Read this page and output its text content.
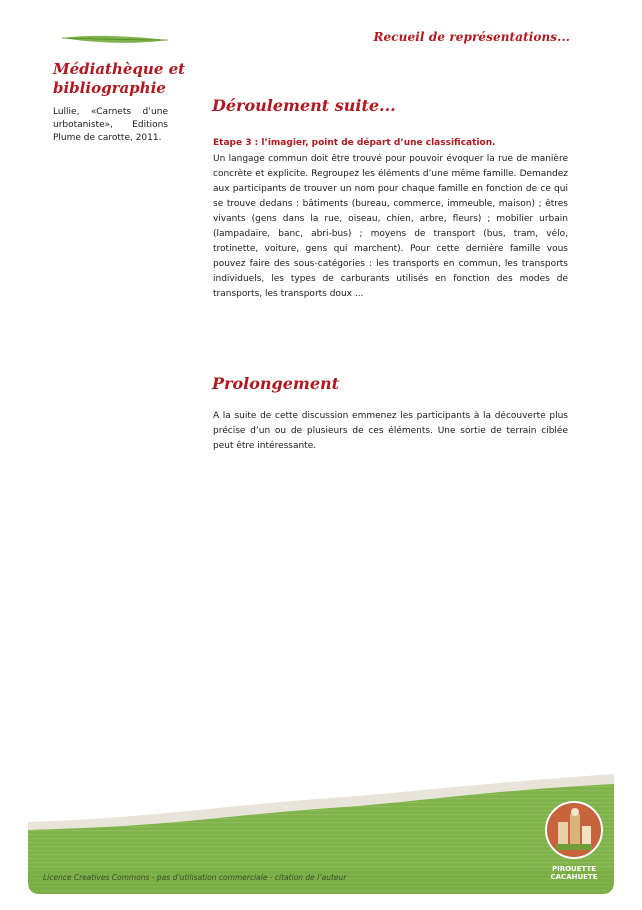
Recueil de représentations...
Médiathèque et bibliographie
Lullie, «Carnets d’une urbotaniste», Editions Plume de carotte, 2011.
Déroulement suite...
Etape 3 : l’imagier, point de départ d’une classification.
Un langage commun doit être trouvé pour pouvoir évoquer la rue de manière concrète et explicite. Regroupez les éléments d’une même famille. Demandez aux participants de trouver un nom pour chaque famille en fonction de ce qui se trouve dedans : bâtiments (bureau, commerce, immeuble, maison) ; êtres vivants (gens dans la rue, oiseau, chien, arbre, fleurs) ; mobilier urbain (lampadaire, banc, abri-bus) ; moyens de transport (bus, tram, vélo, trotinette, voiture, gens qui marchent). Pour cette dernière famille vous pouvez faire des sous-catégories : les transports en commun, les transports individuels, les types de carburants utilisés en fonction des modes de transports, les transports doux ...
Prolongement
A la suite de cette discussion emmenez les participants à la découverte plus précise d’un ou de plusieurs de ces éléments. Une sortie de terrain ciblée peut être intéressante.
Licence Creatives Commons - pas d’utilisation commerciale - citation de l’auteur
PIROUETTE
CACAHUETE
